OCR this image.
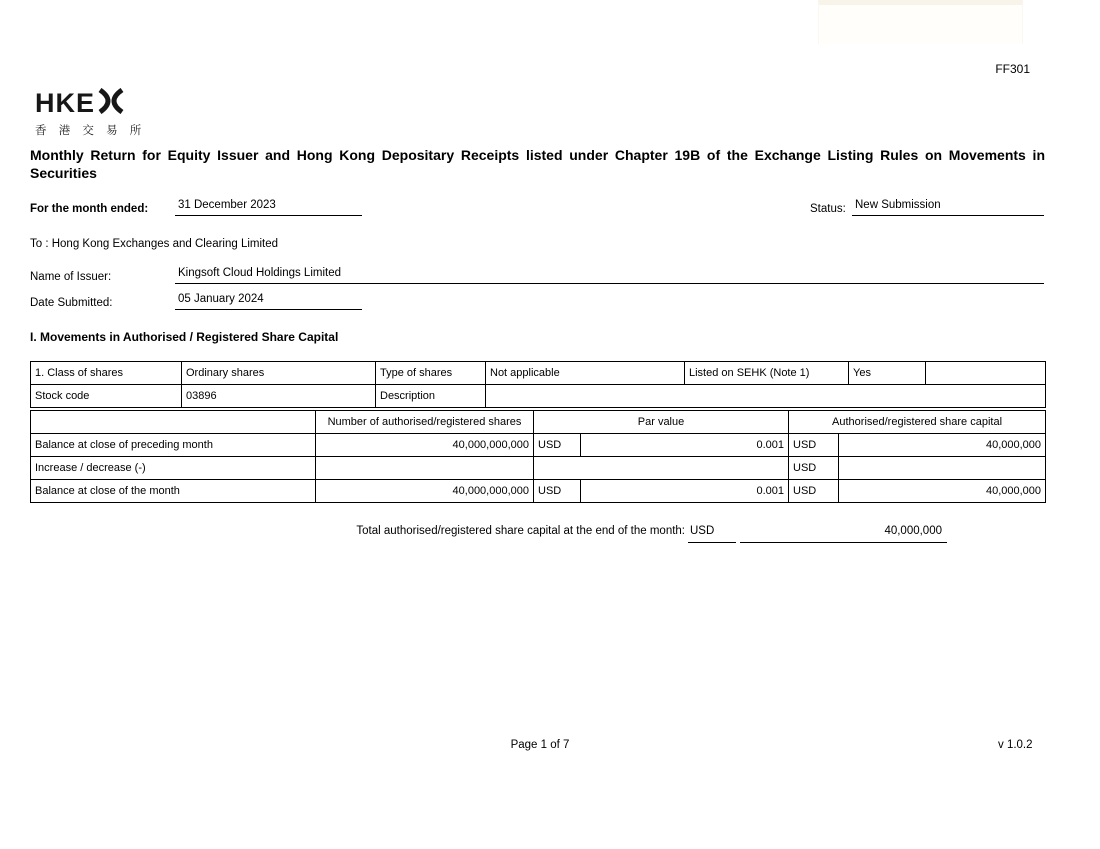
FF301
HKE
香 港 交 易 所
Monthly Return for Equity Issuer and Hong Kong Depositary Receipts listed under Chapter 19B of the Exchange Listing Rules on Movements in
Securities
For the month ended:	31 December 2023	Status: New Submission
To : Hong Kong Exchanges and Clearing Limited
Name of Issuer:	Kingsoft Cloud Holdings Limited
Date Submitted:	05 January 2024
I. Movements in Authorised / Registered Share Capital
1. Class of shares	Ordinary shares	Type of shares	Not applicable	Listed on SEHK (Note 1)	Yes	
Stock code	03896	Description				
	Number of authorised/registered shares	Par value		Authorised/registered share capital	
Balance at close of preceding month	40,000,000,000	USD	0.001	USD	40,000,000
Increase / decrease (-)				USD	
Balance at close of the month	40,000,000,000	USD	0.001	USD	40,000,000
Total authorised/registered share capital at the end of the month: USD	40,000,000
Page 1 of 7	v 1.0.2
